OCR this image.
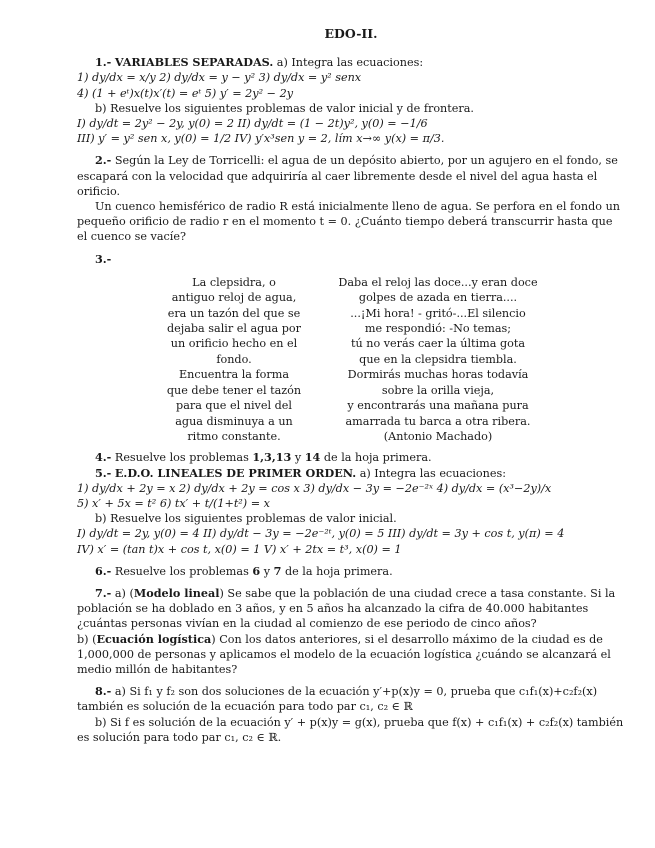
EDO-II.

1.- VARIABLES SEPARADAS. a) Integra las ecuaciones:

1) dy/dx = x/y 2) dy/dx = y − y² 3) dy/dx = y² senx

4) (1 + eᵗ)x(t)x′(t) = eᵗ 5) y′ = 2y² − 2y

b) Resuelve los siguientes problemas de valor inicial y de frontera.

I) dy/dt = 2y² − 2y, y(0) = 2 II) dy/dt = (1 − 2t)y², y(0) = −1/6

III) y′ = y² sen x, y(0) = 1/2 IV) y′x³sen y = 2, lím x→∞ y(x) = π/3.

2.- Según la Ley de Torricelli: el agua de un depósito abierto, por un agujero en el fondo, se escapará con la velocidad que adquiriría al caer libremente desde el nivel del agua hasta el orificio.

Un cuenco hemisférico de radio R está inicialmente lleno de agua. Se perfora en el fondo un pequeño orificio de radio r en el momento t = 0. ¿Cuánto tiempo deberá transcurrir hasta que el cuenco se vacíe?

3.-

La clepsidra, o
antiguo reloj de agua,
era un tazón del que se
dejaba salir el agua por
un orificio hecho en el
fondo.
Encuentra la forma
que debe tener el tazón
para que el nivel del
agua disminuya a un
ritmo constante.
Daba el reloj las doce...y eran doce
golpes de azada en tierra....
...¡Mi hora! - gritó-...El silencio
me respondió: -No temas;
tú no verás caer la última gota
que en la clepsidra tiembla.
Dormirás muchas horas todavía
sobre la orilla vieja,
y encontrarás una mañana pura
amarrada tu barca a otra ribera.
(Antonio Machado)

4.- Resuelve los problemas 1,3,13 y 14 de la hoja primera.

5.- E.D.O. LINEALES DE PRIMER ORDEN. a) Integra las ecuaciones:

1) dy/dx + 2y = x 2) dy/dx + 2y = cos x 3) dy/dx − 3y = −2e⁻²ˣ 4) dy/dx = (x³−2y)/x

5) x′ + 5x = t² 6) tx′ + t/(1+t²) = x

b) Resuelve los siguientes problemas de valor inicial.

I) dy/dt = 2y, y(0) = 4 II) dy/dt − 3y = −2e⁻²ᵗ, y(0) = 5 III) dy/dt = 3y + cos t, y(π) = 4

IV) x′ = (tan t)x + cos t, x(0) = 1 V) x′ + 2tx = t³, x(0) = 1

6.- Resuelve los problemas 6 y 7 de la hoja primera.

7.- a) (Modelo lineal) Se sabe que la población de una ciudad crece a tasa constante. Si la población se ha doblado en 3 años, y en 5 años ha alcanzado la cifra de 40.000 habitantes ¿cuántas personas vivían en la ciudad al comienzo de ese periodo de cinco años?

b) (Ecuación logística) Con los datos anteriores, si el desarrollo máximo de la ciudad es de 1,000,000 de personas y aplicamos el modelo de la ecuación logística ¿cuándo se alcanzará el medio millón de habitantes?

8.- a) Si f₁ y f₂ son dos soluciones de la ecuación y′+p(x)y = 0, prueba que c₁f₁(x)+c₂f₂(x) también es solución de la ecuación para todo par c₁, c₂ ∈ ℝ

b) Si f es solución de la ecuación y′ + p(x)y = g(x), prueba que f(x) + c₁f₁(x) + c₂f₂(x) también es solución para todo par c₁, c₂ ∈ ℝ.
